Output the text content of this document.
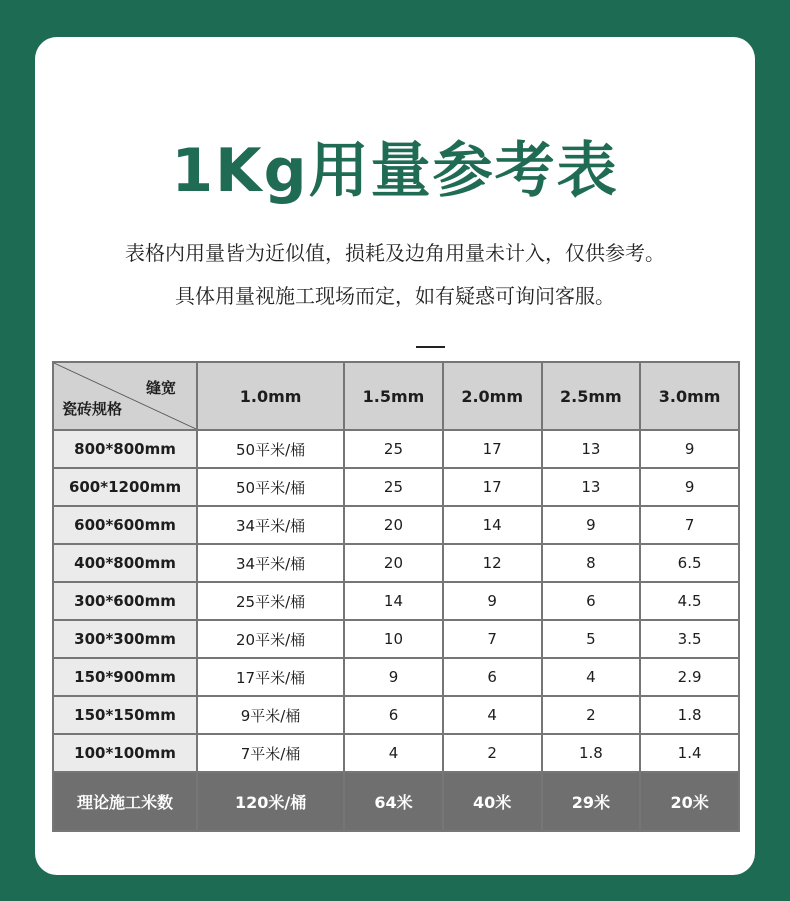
1Kg用量参考表
表格内用量皆为近似值，损耗及边角用量未计入，仅供参考。
具体用量视施工现场而定，如有疑惑可询问客服。
缝宽
瓷砖规格	1.0mm	1.5mm	2.0mm	2.5mm	3.0mm
800*800mm	50平米/桶	25	17	13	9
600*1200mm	50平米/桶	25	17	13	9
600*600mm	34平米/桶	20	14	9	7
400*800mm	34平米/桶	20	12	8	6.5
300*600mm	25平米/桶	14	9	6	4.5
300*300mm	20平米/桶	10	7	5	3.5
150*900mm	17平米/桶	9	6	4	2.9
150*150mm	9平米/桶	6	4	2	1.8
100*100mm	7平米/桶	4	2	1.8	1.4
理论施工米数	120米/桶	64米	40米	29米	20米
